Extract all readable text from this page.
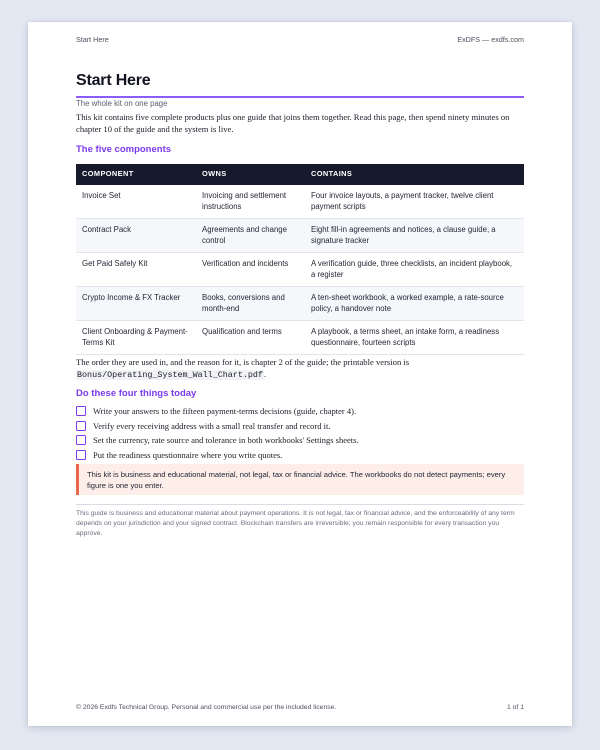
Start Here	ExDFS — exdfs.com
Start Here
The whole kit on one page
This kit contains five complete products plus one guide that joins them together. Read this page, then spend ninety minutes on chapter 10 of the guide and the system is live.
The five components
COMPONENT	OWNS	CONTAINS
Invoice Set	Invoicing and settlement instructions	Four invoice layouts, a payment tracker, twelve client payment scripts
Contract Pack	Agreements and change control	Eight fill-in agreements and notices, a clause guide, a signature tracker
Get Paid Safely Kit	Verification and incidents	A verification guide, three checklists, an incident playbook, a register
Crypto Income & FX Tracker	Books, conversions and month-end	A ten-sheet workbook, a worked example, a rate-source policy, a handover note
Client Onboarding & Payment-Terms Kit	Qualification and terms	A playbook, a terms sheet, an intake form, a readiness questionnaire, fourteen scripts
The order they are used in, and the reason for it, is chapter 2 of the guide; the printable version is
Bonus/Operating_System_Wall_Chart.pdf.
Do these four things today
Write your answers to the fifteen payment-terms decisions (guide, chapter 4).
Verify every receiving address with a small real transfer and record it.
Set the currency, rate source and tolerance in both workbooks' Settings sheets.
Put the readiness questionnaire where you write quotes.
This kit is business and educational material, not legal, tax or financial advice. The workbooks do not detect payments; every figure is one you enter.
This guide is business and educational material about payment operations. It is not legal, tax or financial advice, and the enforceability of any term depends on your jurisdiction and your signed contract. Blockchain transfers are irreversible; you remain responsible for every transaction you approve.
© 2026 Exdfs Technical Group. Personal and commercial use per the included license.	1 of 1
